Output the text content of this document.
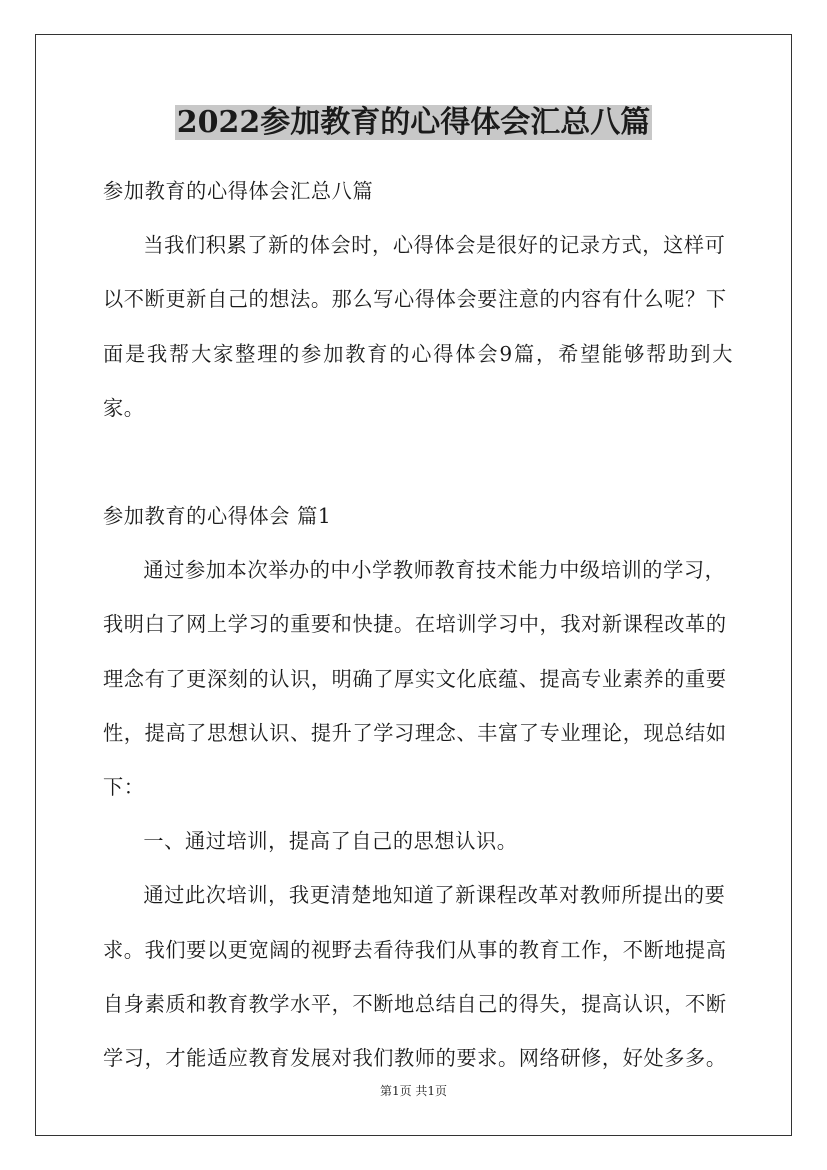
2022参加教育的心得体会汇总八篇

参加教育的心得体会汇总八篇

当我们积累了新的体会时，心得体会是很好的记录方式，这样可

以不断更新自己的想法。那么写心得体会要注意的内容有什么呢？下

面是我帮大家整理的参加教育的心得体会9篇，希望能够帮助到大家。

参加教育的心得体会 篇1

通过参加本次举办的中小学教师教育技术能力中级培训的学习，

我明白了网上学习的重要和快捷。在培训学习中，我对新课程改革的

理念有了更深刻的认识，明确了厚实文化底蕴、提高专业素养的重要

性，提高了思想认识、提升了学习理念、丰富了专业理论，现总结如

下：

一、通过培训，提高了自己的思想认识。

通过此次培训，我更清楚地知道了新课程改革对教师所提出的要

求。我们要以更宽阔的视野去看待我们从事的教育工作，不断地提高

自身素质和教育教学水平，不断地总结自己的得失，提高认识，不断

学习，才能适应教育发展对我们教师的要求。网络研修，好处多多。

第1页 共1页
